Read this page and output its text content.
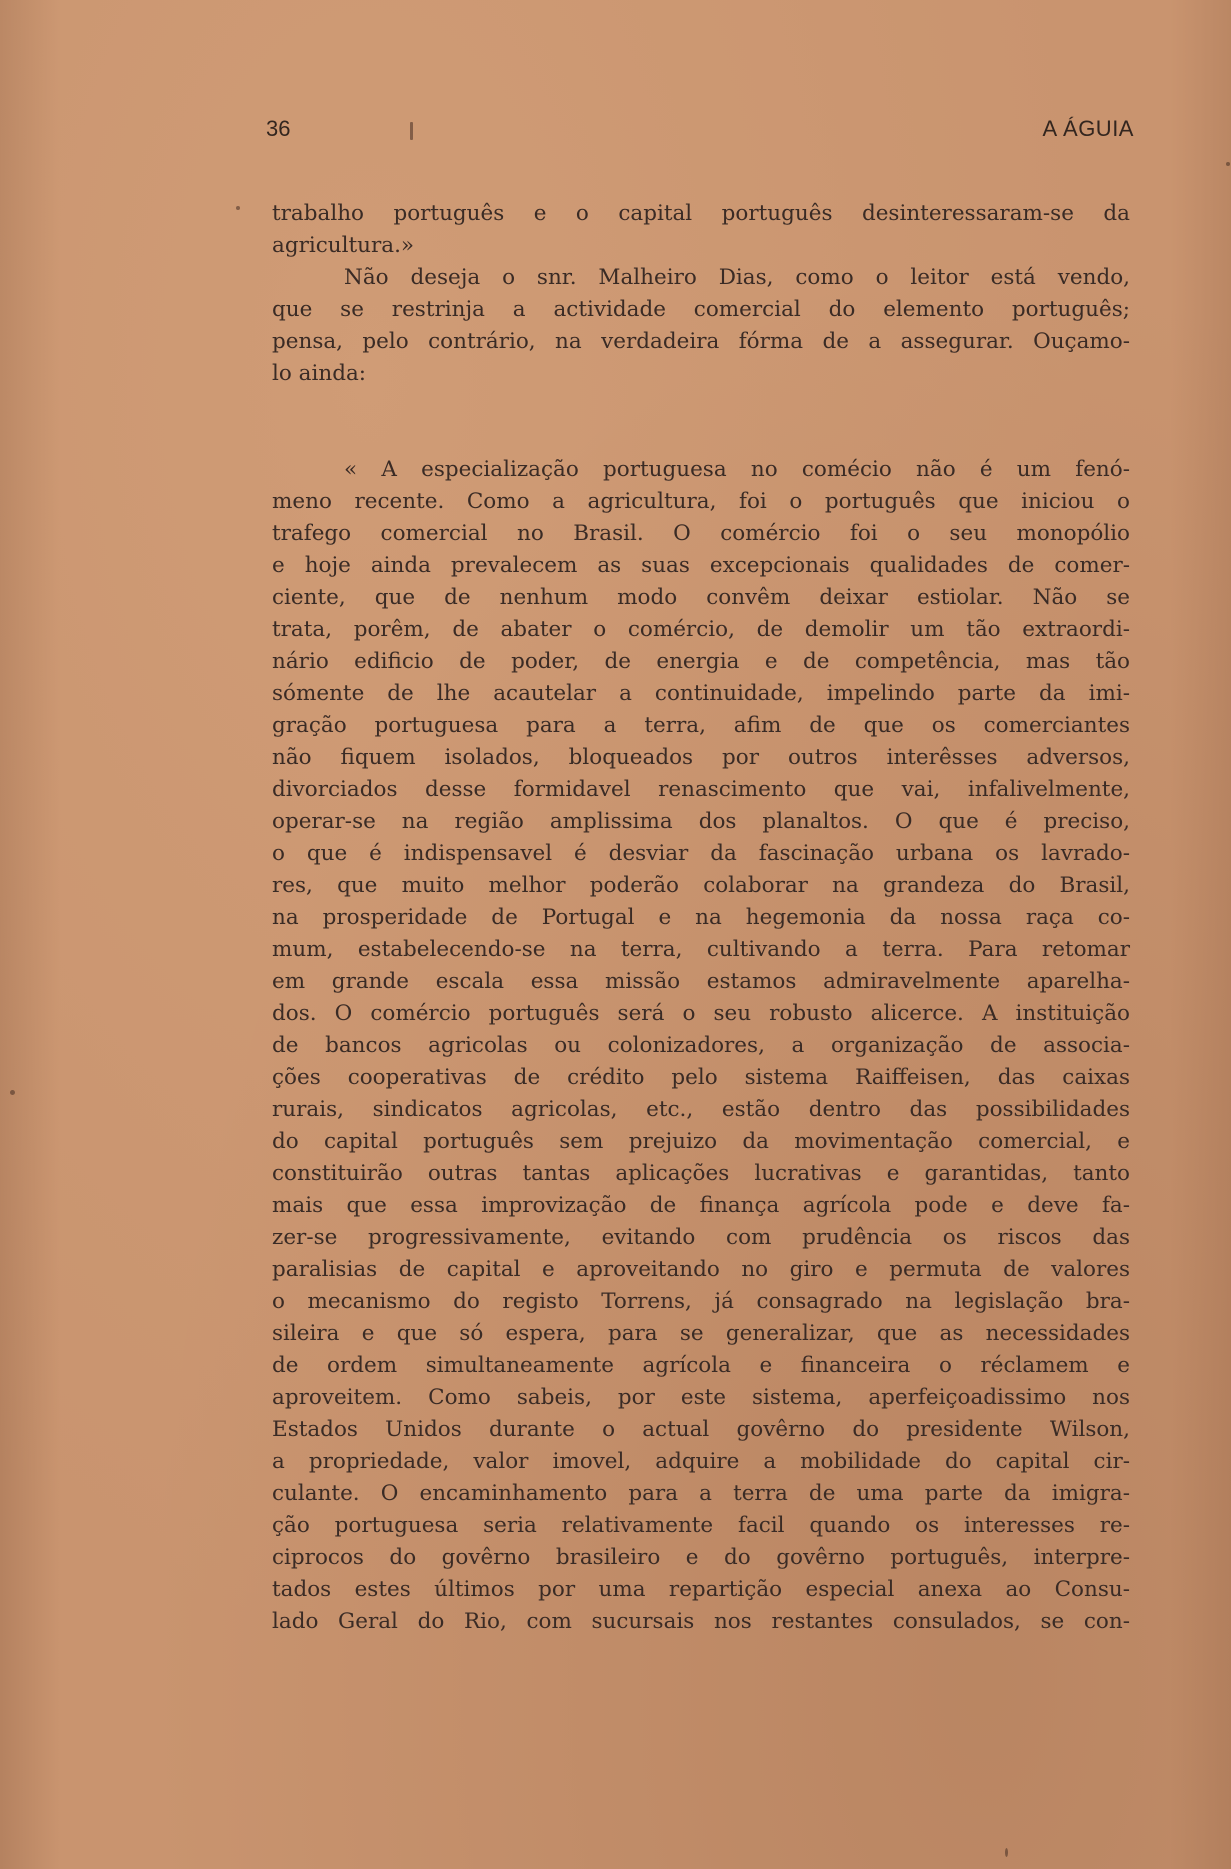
36	A ÁGUIA
trabalho português e o capital português desinteressaram-se da
agricultura.»
Não deseja o snr. Malheiro Dias, como o leitor está vendo,
que se restrinja a actividade comercial do elemento português;
pensa, pelo contrário, na verdadeira fórma de a assegurar. Ouçamo-
lo ainda:
« A especialização portuguesa no comécio não é um fenó-
meno recente. Como a agricultura, foi o português que iniciou o
trafego comercial no Brasil. O comércio foi o seu monopólio
e hoje ainda prevalecem as suas excepcionais qualidades de comer-
ciente, que de nenhum modo convêm deixar estiolar. Não se
trata, porêm, de abater o comércio, de demolir um tão extraordi-
nário edificio de poder, de energia e de competência, mas tão
sómente de lhe acautelar a continuidade, impelindo parte da imi-
gração portuguesa para a terra, afim de que os comerciantes
não fiquem isolados, bloqueados por outros interêsses adversos,
divorciados desse formidavel renascimento que vai, infalivelmente,
operar-se na região amplissima dos planaltos. O que é preciso,
o que é indispensavel é desviar da fascinação urbana os lavrado-
res, que muito melhor poderão colaborar na grandeza do Brasil,
na prosperidade de Portugal e na hegemonia da nossa raça co-
mum, estabelecendo-se na terra, cultivando a terra. Para retomar
em grande escala essa missão estamos admiravelmente aparelha-
dos. O comércio português será o seu robusto alicerce. A instituição
de bancos agricolas ou colonizadores, a organização de associa-
ções cooperativas de crédito pelo sistema Raiffeisen, das caixas
rurais, sindicatos agricolas, etc., estão dentro das possibilidades
do capital português sem prejuizo da movimentação comercial, e
constituirão outras tantas aplicações lucrativas e garantidas, tanto
mais que essa improvização de finança agrícola pode e deve fa-
zer-se progressivamente, evitando com prudência os riscos das
paralisias de capital e aproveitando no giro e permuta de valores
o mecanismo do registo Torrens, já consagrado na legislação bra-
sileira e que só espera, para se generalizar, que as necessidades
de ordem simultaneamente agrícola e financeira o réclamem e
aproveitem. Como sabeis, por este sistema, aperfeiçoadissimo nos
Estados Unidos durante o actual govêrno do presidente Wilson,
a propriedade, valor imovel, adquire a mobilidade do capital cir-
culante. O encaminhamento para a terra de uma parte da imigra-
ção portuguesa seria relativamente facil quando os interesses re-
ciprocos do govêrno brasileiro e do govêrno português, interpre-
tados estes últimos por uma repartição especial anexa ao Consu-
lado Geral do Rio, com sucursais nos restantes consulados, se con-
